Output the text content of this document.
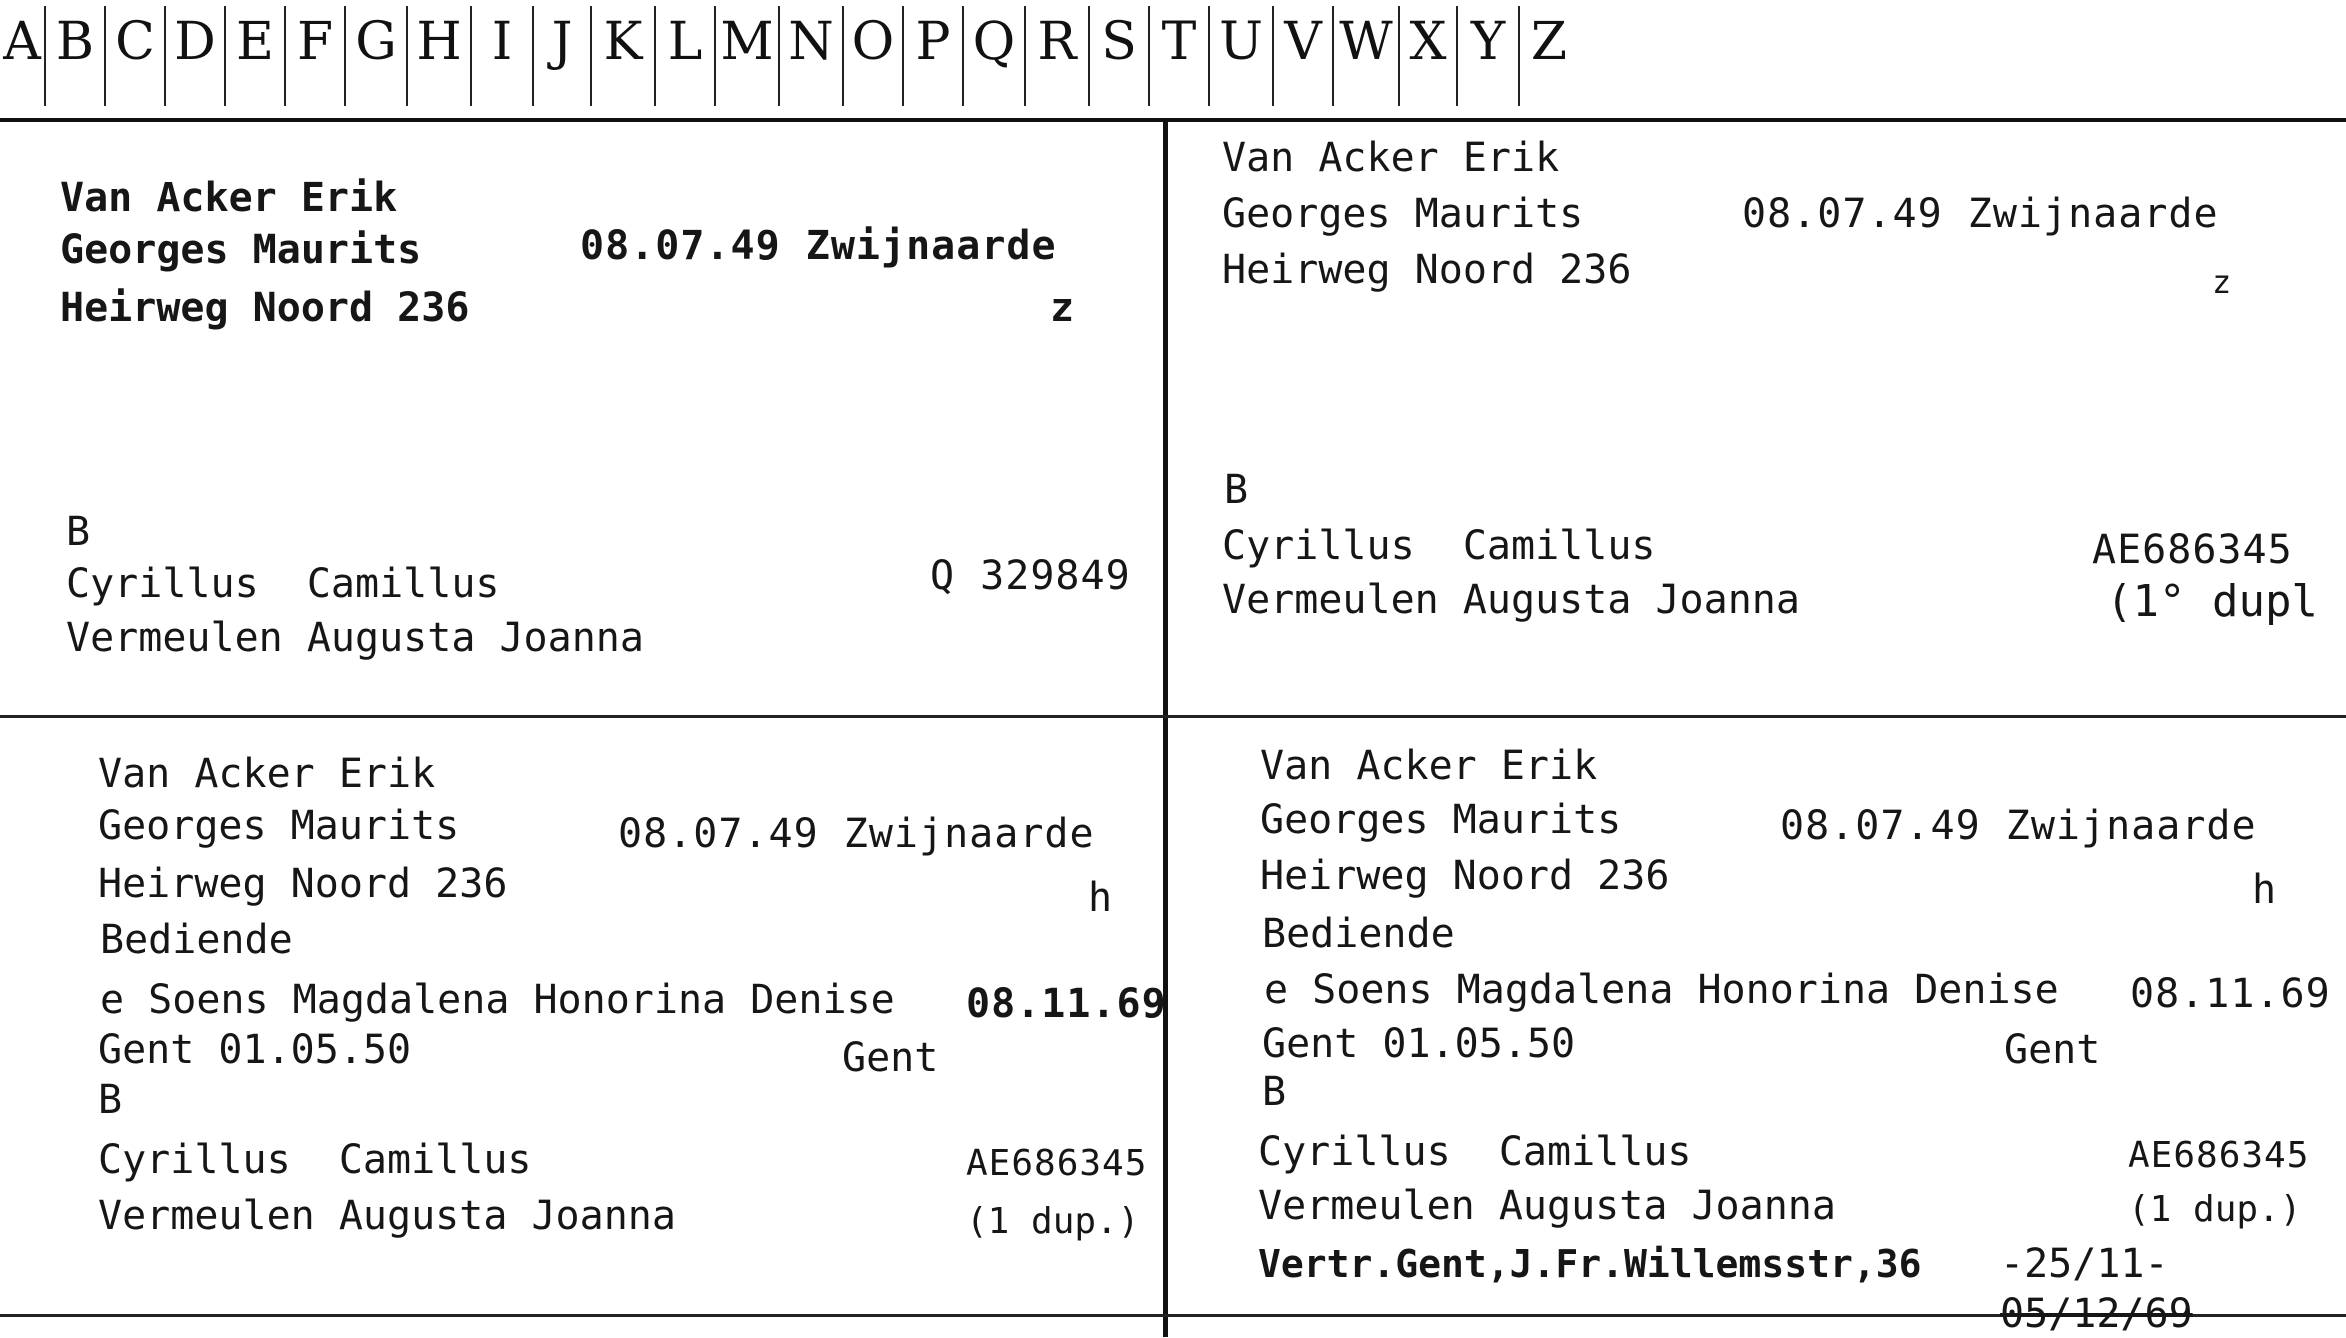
A B C D E F G H I J K L M N O P Q R S T U V W X Y Z
Van Acker Erik
Georges Maurits	08.07.49 Zwijnaarde
Heirweg Noord 236	z
B
Cyrillus  Camillus	Q 329849
Vermeulen Augusta Joanna
Van Acker Erik
Georges Maurits	08.07.49 Zwijnaarde
Heirweg Noord 236	z
B
Cyrillus  Camillus	AE686345
Vermeulen Augusta Joanna	(1° dupl
Van Acker Erik
Georges Maurits	08.07.49 Zwijnaarde
Heirweg Noord 236	h
Bediende
e Soens Magdalena Honorina Denise 08.11.69
Gent 01.05.50	Gent
B
Cyrillus  Camillus	AE686345
Vermeulen Augusta Joanna	(1 dup.)
Van Acker Erik
Georges Maurits	08.07.49 Zwijnaarde
Heirweg Noord 236	h
Bediende
e Soens Magdalena Honorina Denise 08.11.69
Gent 01.05.50	Gent
B
Cyrillus  Camillus	AE686345
Vermeulen Augusta Joanna	(1 dup.)
Vertr.Gent,J.Fr.Willemsstr,36 -25/11-
05/12/69
